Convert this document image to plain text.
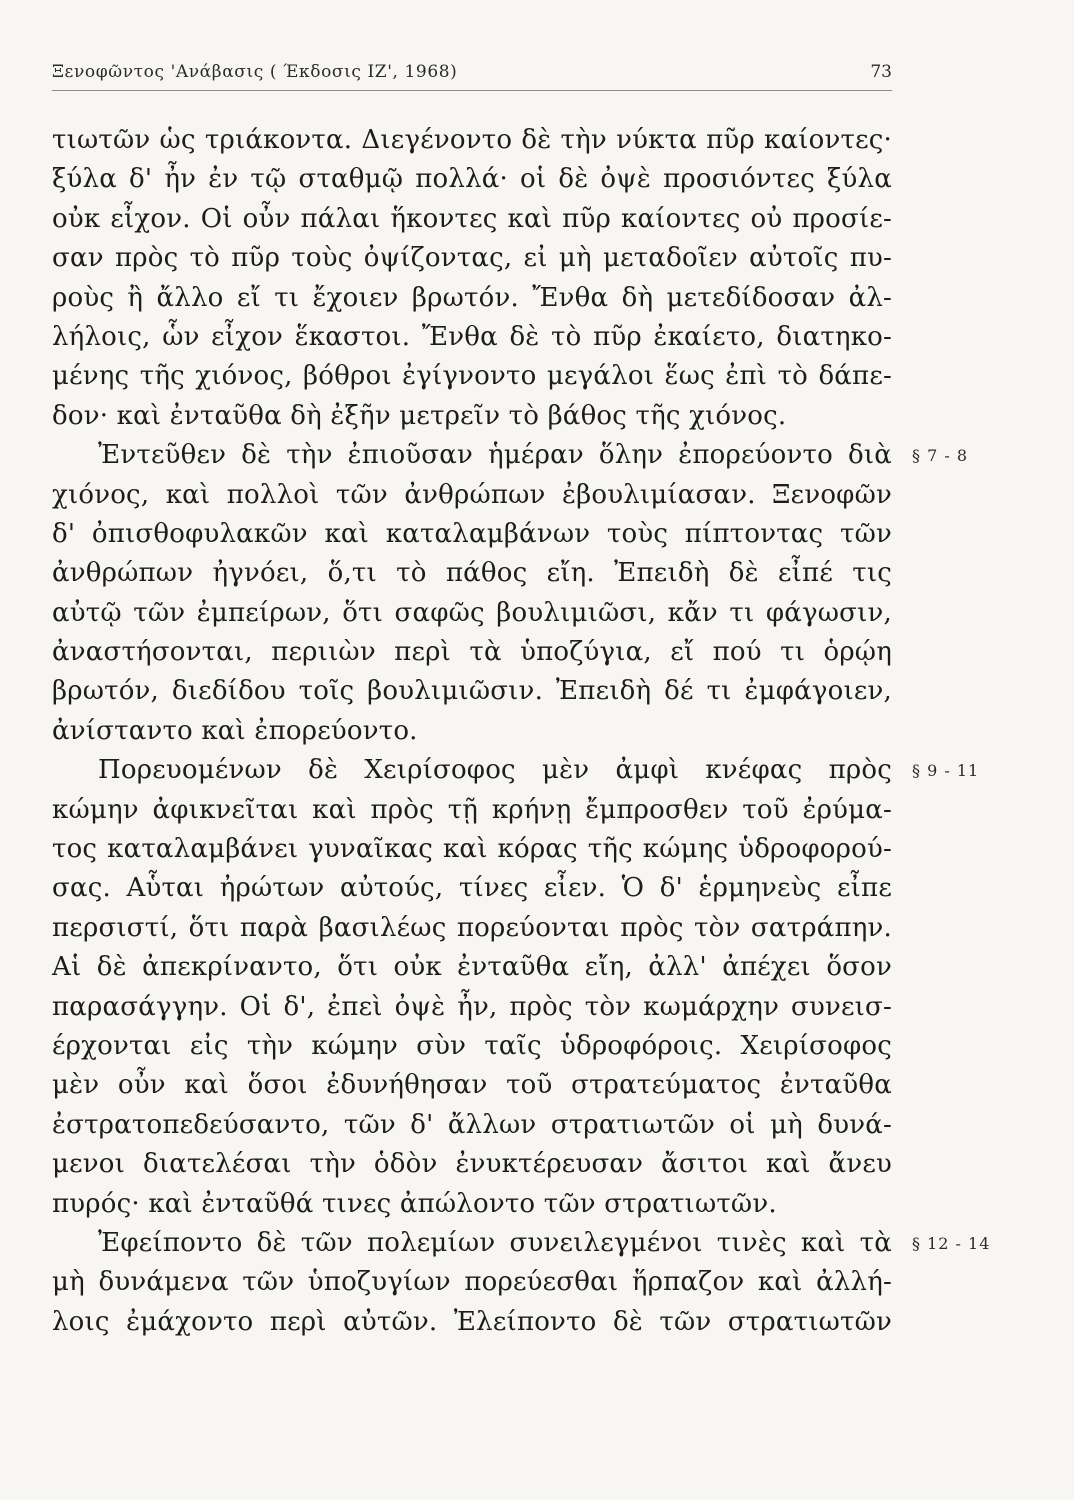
Ξενοφῶντος 'Ανάβασις ( Έκδοσις ΙΖ', 1968)	73
τιωτῶν ὡς τριάκοντα. Διεγένοντο δὲ τὴν νύκτα πῦρ καίοντες·
ξύλα δ' ἦν ἐν τῷ σταθμῷ πολλά· οἱ δὲ ὀψὲ προσιόντες ξύλα
οὐκ εἶχον. Οἱ οὖν πάλαι ἥκοντες καὶ πῦρ καίοντες οὐ προσίε-
σαν πρὸς τὸ πῦρ τοὺς ὀψίζοντας, εἰ μὴ μεταδοῖεν αὐτοῖς πυ-
ροὺς ἢ ἄλλο εἴ τι ἔχοιεν βρωτόν. Ἔνθα δὴ μετεδίδοσαν ἀλ-
λήλοις, ὧν εἶχον ἕκαστοι. Ἔνθα δὲ τὸ πῦρ ἐκαίετο, διατηκο-
μένης τῆς χιόνος, βόθροι ἐγίγνοντο μεγάλοι ἕως ἐπὶ τὸ δάπε-
δον· καὶ ἐνταῦθα δὴ ἐξῆν μετρεῖν τὸ βάθος τῆς χιόνος.
Ἐντεῦθεν δὲ τὴν ἐπιοῦσαν ἡμέραν ὅλην ἐπορεύοντο διὰ § 7 - 8
χιόνος, καὶ πολλοὶ τῶν ἀνθρώπων ἐβουλιμίασαν. Ξενοφῶν
δ' ὀπισθοφυλακῶν καὶ καταλαμβάνων τοὺς πίπτοντας τῶν
ἀνθρώπων ἠγνόει, ὅ,τι τὸ πάθος εἴη. Ἐπειδὴ δὲ εἶπέ τις
αὐτῷ τῶν ἐμπείρων, ὅτι σαφῶς βουλιμιῶσι, κἄν τι φάγωσιν,
ἀναστήσονται, περιιὼν περὶ τὰ ὑποζύγια, εἴ πού τι ὁρῴη
βρωτόν, διεδίδου τοῖς βουλιμιῶσιν. Ἐπειδὴ δέ τι ἐμφάγοιεν,
ἀνίσταντο καὶ ἐπορεύοντο.
Πορευομένων δὲ Χειρίσοφος μὲν ἀμφὶ κνέφας πρὸς § 9 - 11
κώμην ἀφικνεῖται καὶ πρὸς τῇ κρήνῃ ἔμπροσθεν τοῦ ἐρύμα-
τος καταλαμβάνει γυναῖκας καὶ κόρας τῆς κώμης ὑδροφορού-
σας. Αὗται ἠρώτων αὐτούς, τίνες εἶεν. Ὁ δ' ἑρμηνεὺς εἶπε
περσιστί, ὅτι παρὰ βασιλέως πορεύονται πρὸς τὸν σατράπην.
Αἱ δὲ ἀπεκρίναντο, ὅτι οὐκ ἐνταῦθα εἴη, ἀλλ' ἀπέχει ὅσον
παρασάγγην. Οἱ δ', ἐπεὶ ὀψὲ ἦν, πρὸς τὸν κωμάρχην συνεισ-
έρχονται εἰς τὴν κώμην σὺν ταῖς ὑδροφόροις. Χειρίσοφος
μὲν οὖν καὶ ὅσοι ἐδυνήθησαν τοῦ στρατεύματος ἐνταῦθα
ἐστρατοπεδεύσαντο, τῶν δ' ἄλλων στρατιωτῶν οἱ μὴ δυνά-
μενοι διατελέσαι τὴν ὁδὸν ἐνυκτέρευσαν ἄσιτοι καὶ ἄνευ
πυρός· καὶ ἐνταῦθά τινες ἀπώλοντο τῶν στρατιωτῶν.
Ἐφείποντο δὲ τῶν πολεμίων συνειλεγμένοι τινὲς καὶ τὰ § 12 - 14
μὴ δυνάμενα τῶν ὑποζυγίων πορεύεσθαι ἥρπαζον καὶ ἀλλή-
λοις ἐμάχοντο περὶ αὐτῶν. Ἐλείποντο δὲ τῶν στρατιωτῶν
